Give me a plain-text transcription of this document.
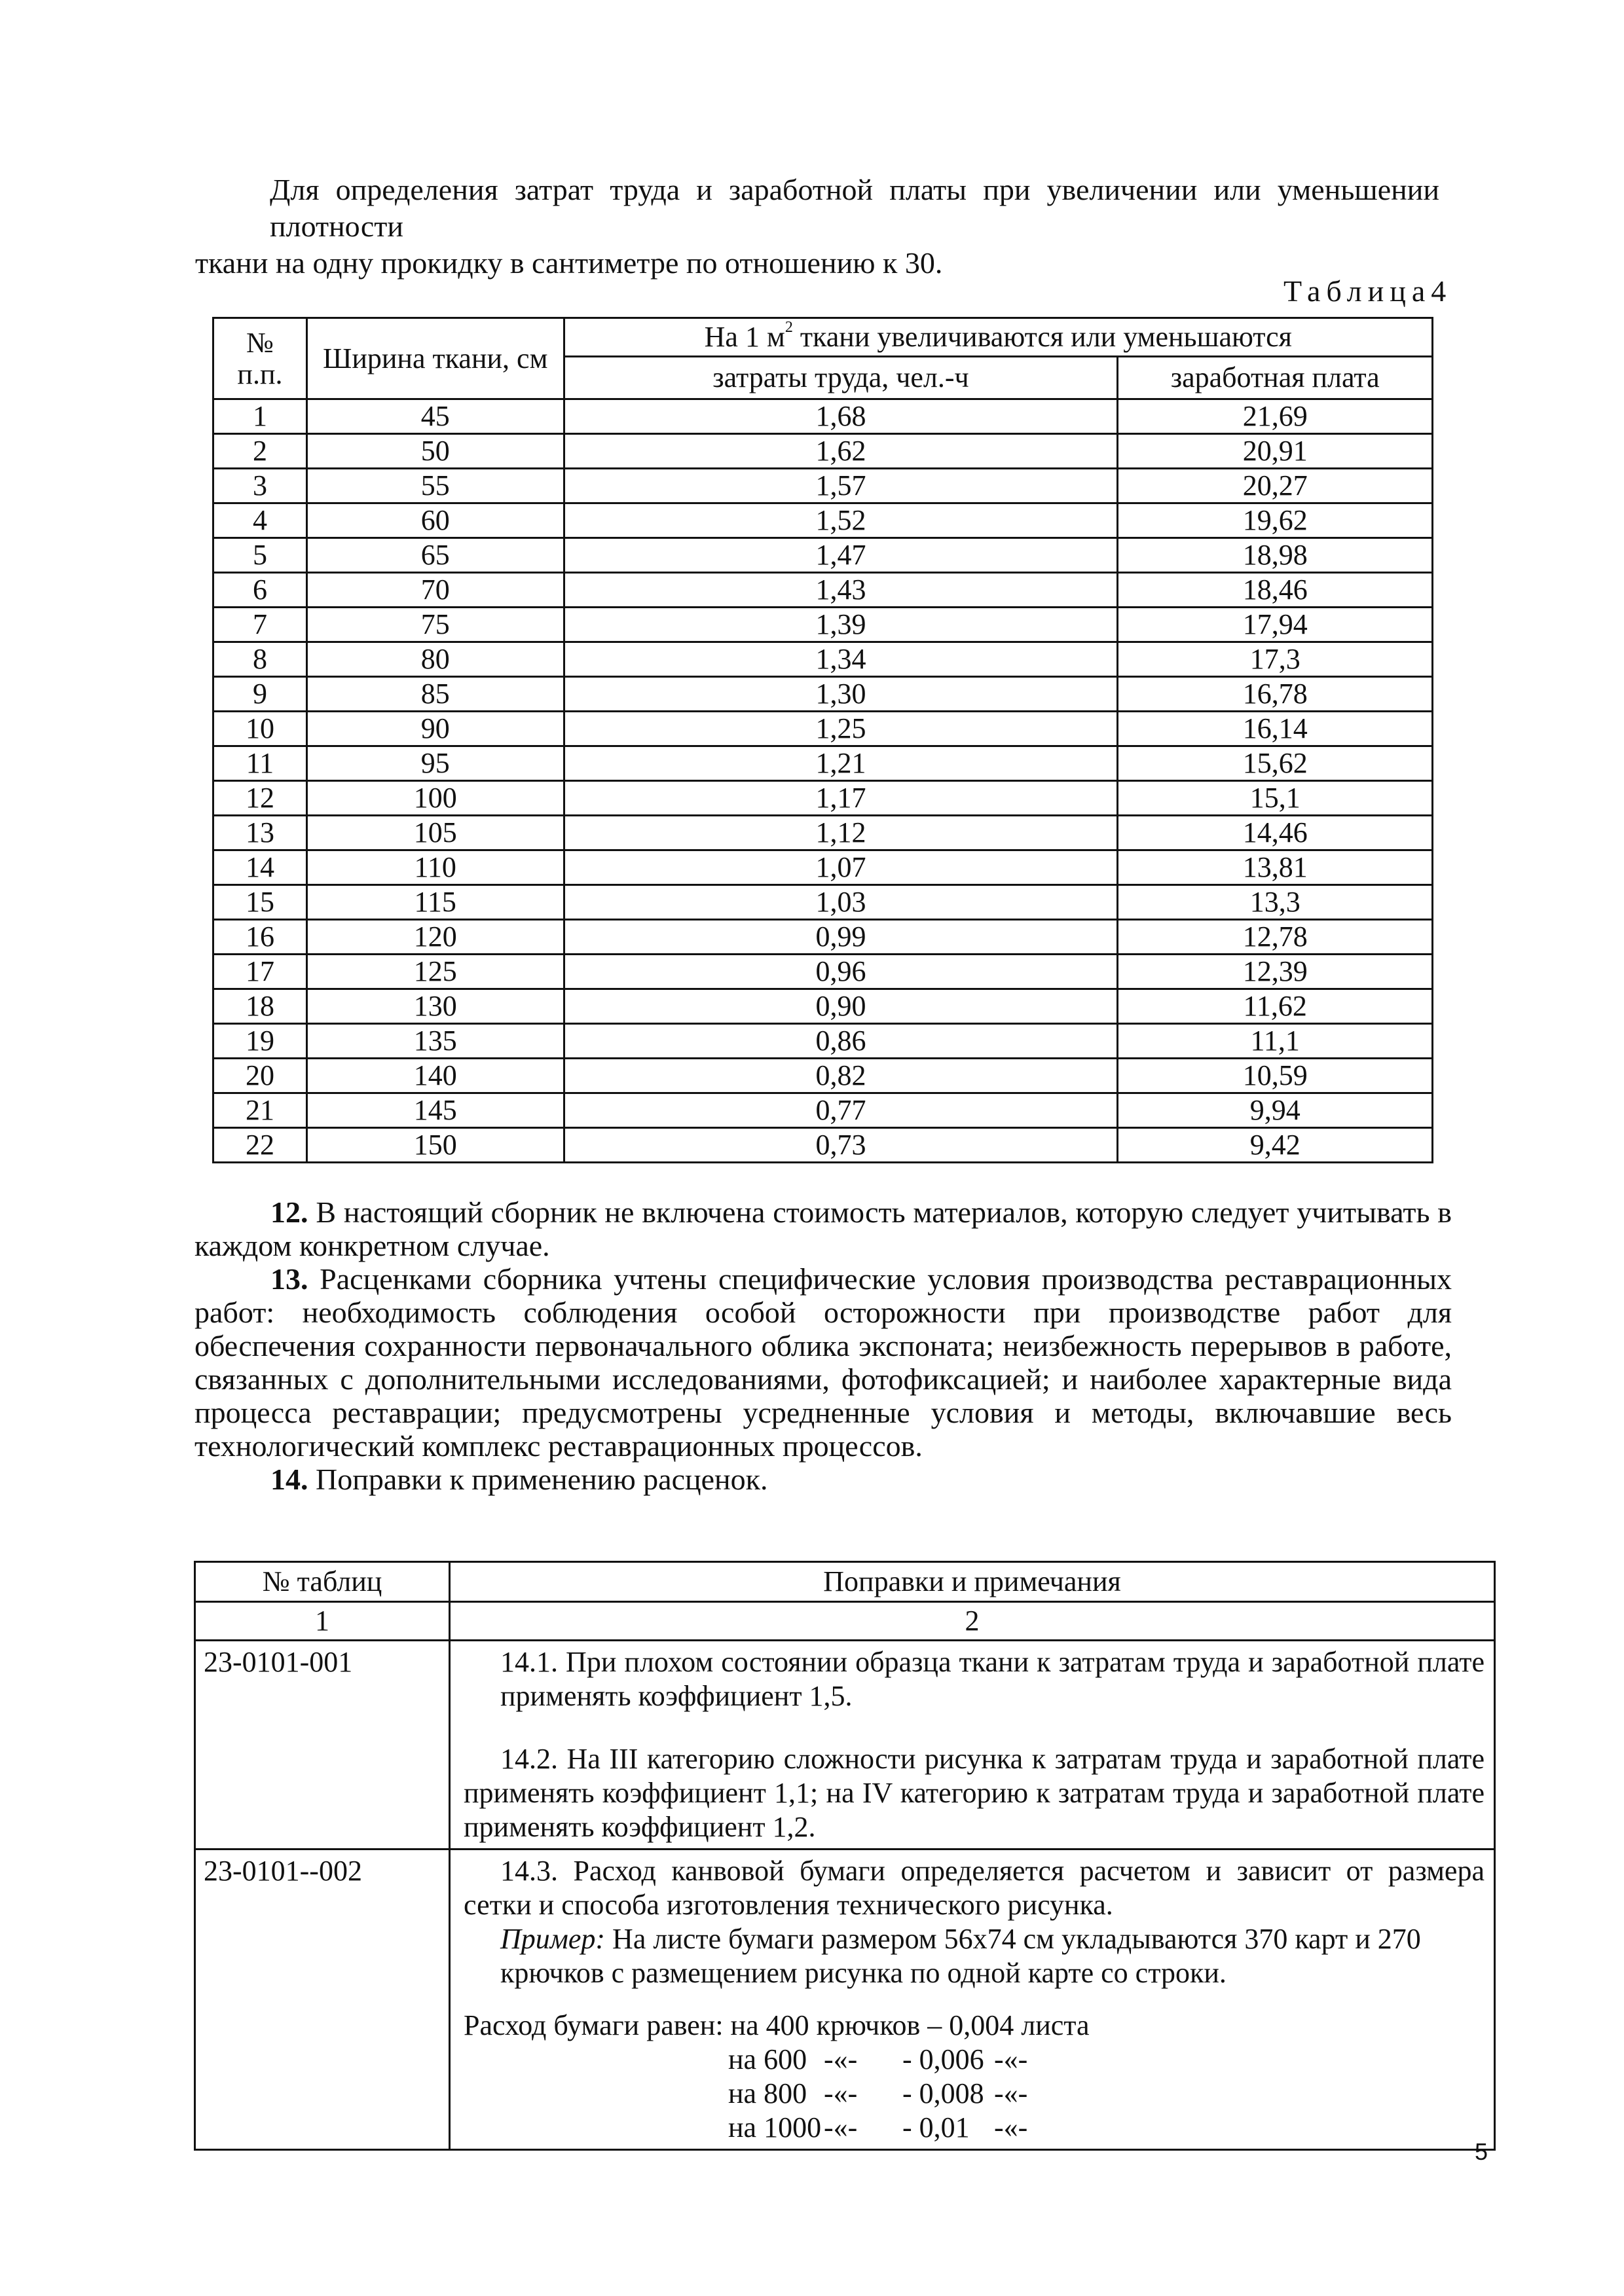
Для определения затрат труда и заработной платы при увеличении или уменьшении плотности
ткани на одну прокидку в сантиметре по отношению к 30.
Таблица4
№
п.п.	Ширина ткани, см	На 1 $м^2$ ткани увеличиваются или уменьшаются	
		затраты труда, чел.-ч	заработная плата
1	45	1,68	21,69
2	50	1,62	20,91
3	55	1,57	20,27
4	60	1,52	19,62
5	65	1,47	18,98
6	70	1,43	18,46
7	75	1,39	17,94
8	80	1,34	17,3
9	85	1,30	16,78
10	90	1,25	16,14
11	95	1,21	15,62
12	100	1,17	15,1
13	105	1,12	14,46
14	110	1,07	13,81
15	115	1,03	13,3
16	120	0,99	12,78
17	125	0,96	12,39
18	130	0,90	11,62
19	135	0,86	11,1
20	140	0,82	10,59
21	145	0,77	9,94
22	150	0,73	9,42

12. В настоящий сборник не включена стоимость материалов, которую следует учитывать в каждом конкретном случае.

13. Расценками сборника учтены специфические условия производства реставрационных работ: необходимость соблюдения особой осторожности при производстве работ для обеспечения сохранности первоначального облика экспоната; неизбежность перерывов в работе, связанных с дополнительными исследованиями, фотофиксацией; и наиболее характерные вида процесса реставрации; предусмотрены усредненные условия и методы, включавшие весь технологический комплекс реставрационных процессов.

14. Поправки к применению расценок.

№ таблиц	Поправки и примечания
1	2
23-0101-001	14.1. При плохом состоянии образца ткани к затратам труда и заработной плате применять коэффициент 1,5.

14.2. На III категорию сложности рисунка к затратам труда и заработной плате применять коэффициент 1,1; на IV категорию к затратам труда и заработной плате применять коэффициент 1,2.

23-0101--002	14.3. Расход канвовой бумаги определяется расчетом и зависит от размера сетки и способа изготовления технического рисунка.

Пример: На листе бумаги размером 56x74 см укладываются 370 карт и 270 крючков с размещением рисунка по одной карте со строки.

Расход бумаги равен: на 400 крючков – 0,004 листа
на 600 -«-	- 0,006 -«-
на 800 -«-	- 0,008 -«-
на 1000 -«-	- 0,01 -«-
5
